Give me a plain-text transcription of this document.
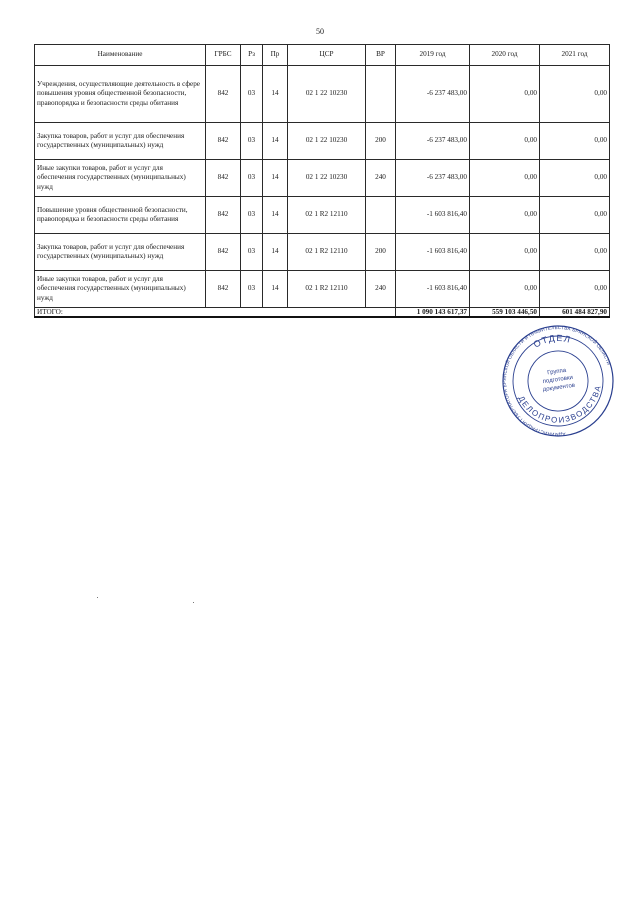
50
Наименование	ГРБС	Рз	Пр	ЦСР	ВР	2019 год	2020 год	2021 год
Учреждения, осуществляющие деятельность в сфере повышения уровня общественной безопасности, правопорядка и безопасности среды обитания	842	03	14	02 1 22 10230		-6 237 483,00	0,00	0,00
Закупка товаров, работ и услуг для обеспечения государственных (муниципальных) нужд	842	03	14	02 1 22 10230	200	-6 237 483,00	0,00	0,00
Иные закупки товаров, работ и услуг для обеспечения государственных (муниципальных) нужд	842	03	14	02 1 22 10230	240	-6 237 483,00	0,00	0,00
Повышение уровня общественной безопасности, правопорядка и безопасности среды обитания	842	03	14	02 1 R2 12110		-1 603 816,40	0,00	0,00
Закупка товаров, работ и услуг для обеспечения государственных (муниципальных) нужд	842	03	14	02 1 R2 12110	200	-1 603 816,40	0,00	0,00
Иные закупки товаров, работ и услуг для обеспечения государственных (муниципальных) нужд	842	03	14	02 1 R2 12110	240	-1 603 816,40	0,00	0,00
ИТОГО:						1 090 143 617,37	559 103 446,50	601 484 827,90
АДМИНИСТРАЦИЯ ГУБЕРНАТОРА БРЯНСКОЙ ОБЛАСТИ И ПРАВИТЕЛЬСТВА БРЯНСКОЙ ОБЛАСТИ
ОТДЕЛ
ДЕЛОПРОИЗВОДСТВА
Группа
подготовки
документов
